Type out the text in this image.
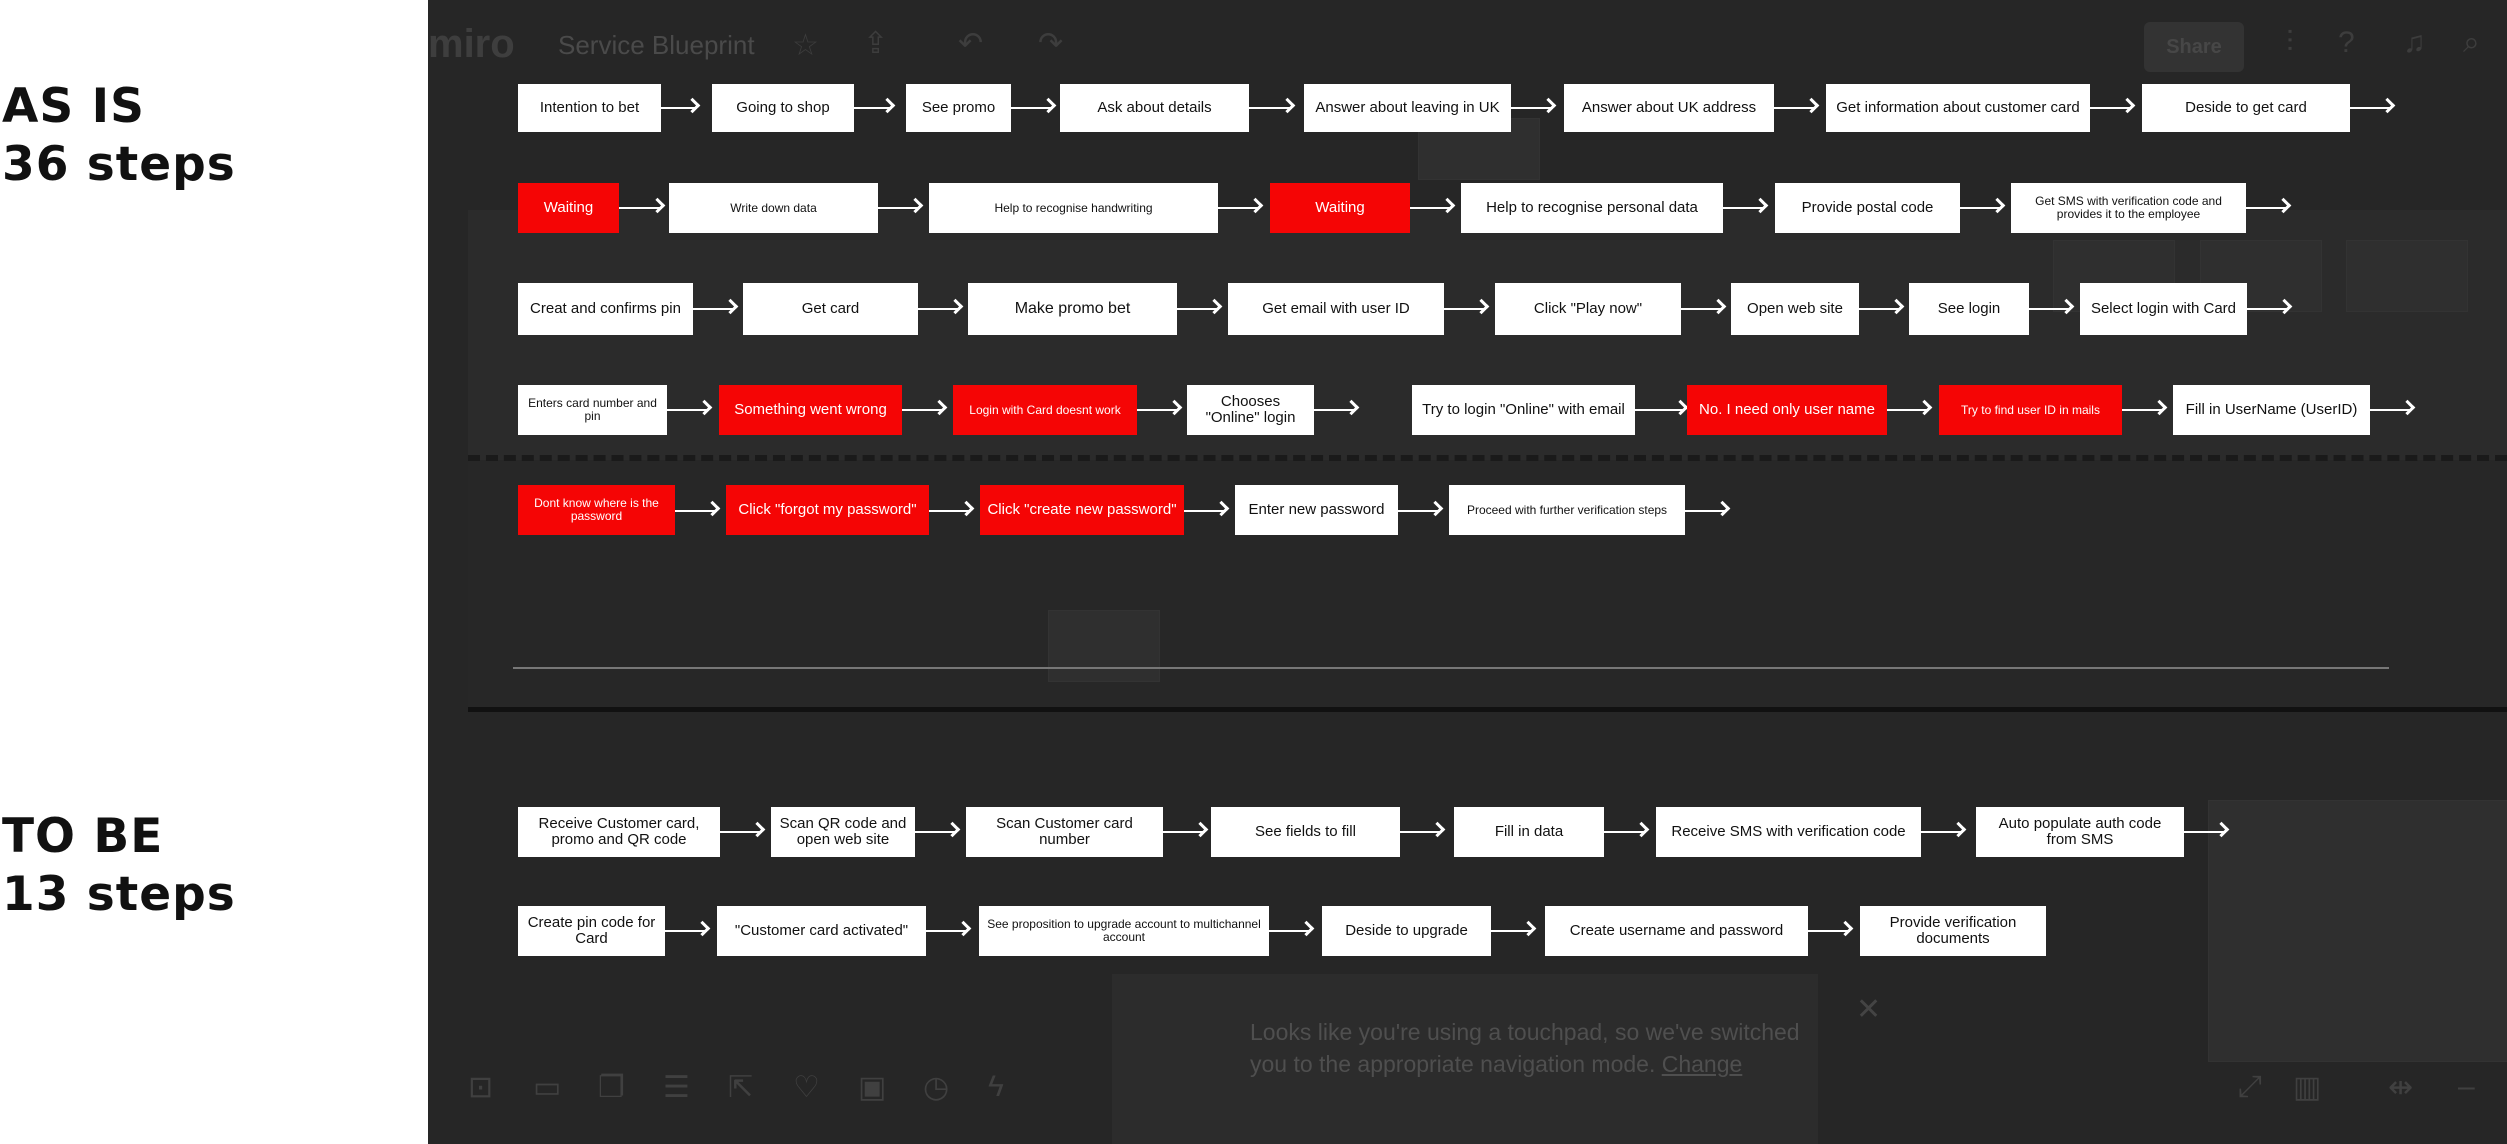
AS IS
36 steps
TO BE
13 steps
miro Service Blueprint ☆ ⇪ ↶ ↷	Share	⫶ ? ♫ ⌕
Looks like you're using a touchpad, so we've switched you to the appropriate navigation mode. Change
✕
⊡ ▭ ❐ ☰ ⇱ ♡ ▣ ◷ ϟ	⤢ ▥ ⇹ –
Intention to bet	Going to shop	See promo	Ask about details	Answer about leaving in UK	Answer about UK address	Get information about customer card	Deside to get card
Waiting	Write down data	Help to recognise handwriting	Waiting	Help to recognise personal data	Provide postal code	Get SMS with verification code and provides it to the employee
Creat and confirms pin	Get card	Make promo bet	Get email with user ID	Click "Play now"	Open web site	See login	Select login with Card
Enters card number and pin	Something went wrong	Login with Card doesnt work	Chooses "Online" login	Try to login "Online" with email	No. I need only user name	Try to find user ID in mails	Fill in UserName (UserID)
Dont know where is the password	Click "forgot my password"	Click "create new password"	Enter new password	Proceed with further verification steps
Receive Customer card, promo and QR code
Scan QR code and open web site
Scan Customer card number	See fields to fill	Fill in data	Receive SMS with verification code	Auto populate auth code from SMS
Create pin code for Card	"Customer card activated"	See proposition to upgrade account to multichannel account	Deside to upgrade	Create username and password	Provide verification documents
